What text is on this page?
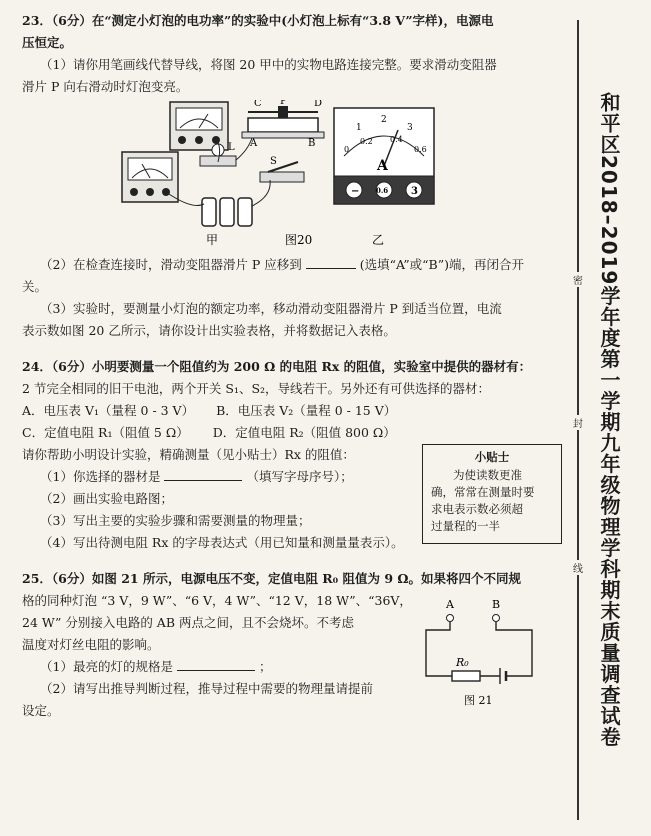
23．（6分）在“测定小灯泡的电功率”的实验中(小灯泡上标有“3.8 V”字样)，电源电
压恒定。
（1）请你用笔画线代替导线，将图 20 甲中的实物电路连接完整。要求滑动变阻器
滑片 P 向右滑动时灯泡变亮。
L
C P	D
A	B
S
1
2
3
0
0.2 0.4
0.6
A
− 0.6 3
甲	图20	乙
（2）在检查连接时，滑动变阻器滑片 P 应移到	(选填“A”或“B”)端，再闭合开
关。
（3）实验时，要测量小灯泡的额定功率，移动滑动变阻器滑片 P 到适当位置，电流
表示数如图 20 乙所示，请你设计出实验表格，并将数据记入表格。
24．（6分）小明要测量一个阻值约为 200 Ω 的电阻 Rx 的阻值，实验室中提供的器材有：
2 节完全相同的旧干电池，两个开关 S₁、S₂，导线若干。另外还有可供选择的器材：
A．电压表 V₁（量程 0 - 3 V） B．电压表 V₂（量程 0 - 15 V）
C．定值电阻 R₁（阻值 5 Ω） D．定值电阻 R₂（阻值 800 Ω）
请你帮助小明设计实验，精确测量（见小贴士）Rx 的阻值：
（1）你选择的器材是	（填写字母序号）；
（2）画出实验电路图；
（3）写出主要的实验步骤和需要测量的物理量；
（4）写出待测电阻 Rx 的字母表达式（用已知量和测量量表示）。
小贴士
为使读数更准
确，常常在测量时要
求电表示数必须超
过量程的一半
25．（6分）如图 21 所示，电源电压不变，定值电阻 R₀ 阻值为 9 Ω。如果将四个不同规
格的同种灯泡 “3 V，9 W”、“6 V，4 W”、“12 V，18 W”、“36V，
24 W” 分别接入电路的 AB 两点之间，且不会烧坏。不考虑
温度对灯丝电阻的影响。
（1）最亮的灯的规格是	；
（2）请写出推导判断过程，推导过程中需要的物理量请提前
设定。
A	B
R₀
图 21
密
封
线 和平区2018–2019学年度第一学期九年级物理学科期末质量调查试卷
